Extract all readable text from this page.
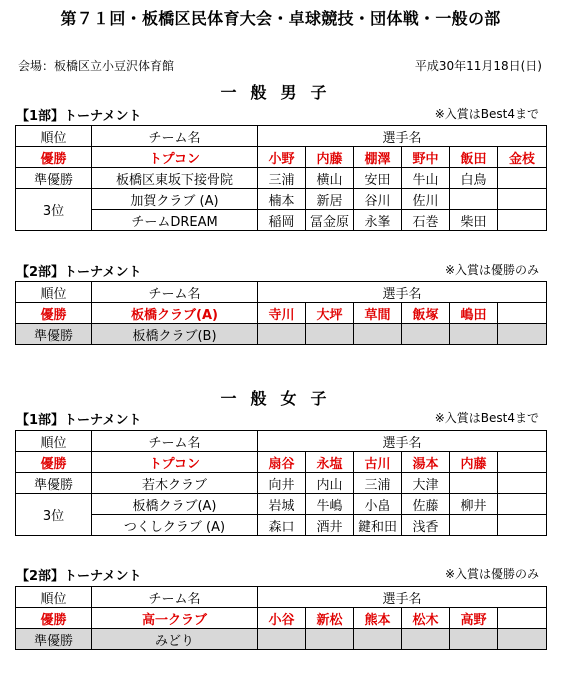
第７１回・板橋区民体育大会・卓球競技・団体戦・一般の部
会場：板橋区立小豆沢体育館	平成30年11月18日(日)
一般男子
【1部】トーナメント	※入賞はBest4まで
順位	チーム名	選手名					
優勝	トプコン	小野	内藤	棚澤	野中	飯田	金枝
準優勝	板橋区東坂下接骨院	三浦	横山	安田	牛山	白鳥	
3位	加賀クラブ (A)	楠本	新居	谷川	佐川		
	チームDREAM	稲岡	冨金原	永峯	石巻	柴田	
【2部】トーナメント	※入賞は優勝のみ
順位	チーム名	選手名					
優勝	板橋クラブ(A)	寺川	大坪	草間	飯塚	嶋田	
準優勝	板橋クラブ(B)						
一般女子
【1部】トーナメント	※入賞はBest4まで
順位	チーム名	選手名					
優勝	トプコン	扇谷	永塩	古川	湯本	内藤	
準優勝	若木クラブ	向井	内山	三浦	大津		
3位	板橋クラブ(A)	岩城	牛嶋	小畠	佐藤	柳井	
	つくしクラブ (A)	森口	酒井	鍵和田	浅香		
【2部】トーナメント	※入賞は優勝のみ
順位	チーム名	選手名					
優勝	高一クラブ	小谷	新松	熊本	松木	高野	
準優勝	みどり						
